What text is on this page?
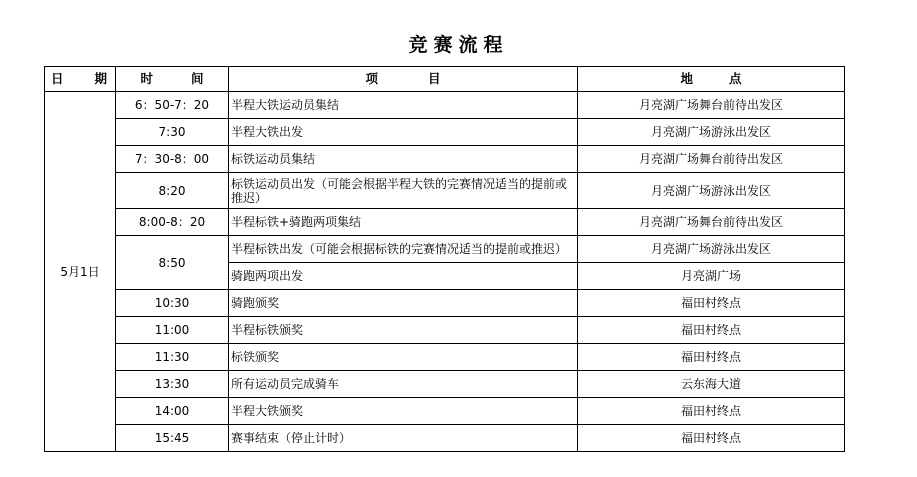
竞赛流程
日 期	时 间	项 目	地 点
5月1日	6：50-7：20	半程大铁运动员集结	月亮湖广场舞台前待出发区
	7:30	半程大铁出发	月亮湖广场游泳出发区
	7：30-8：00	标铁运动员集结	月亮湖广场舞台前待出发区
	8:20	标铁运动员出发（可能会根据半程大铁的完赛情况适当的提前或推迟）	月亮湖广场游泳出发区
	8:00-8：20	半程标铁+骑跑两项集结	月亮湖广场舞台前待出发区
	8:50	半程标铁出发（可能会根据标铁的完赛情况适当的提前或推迟）	月亮湖广场游泳出发区
		骑跑两项出发	月亮湖广场
	10:30	骑跑颁奖	福田村终点
	11:00	半程标铁颁奖	福田村终点
	11:30	标铁颁奖	福田村终点
	13:30	所有运动员完成骑车	云东海大道
	14:00	半程大铁颁奖	福田村终点
	15:45	赛事结束（停止计时）	福田村终点
